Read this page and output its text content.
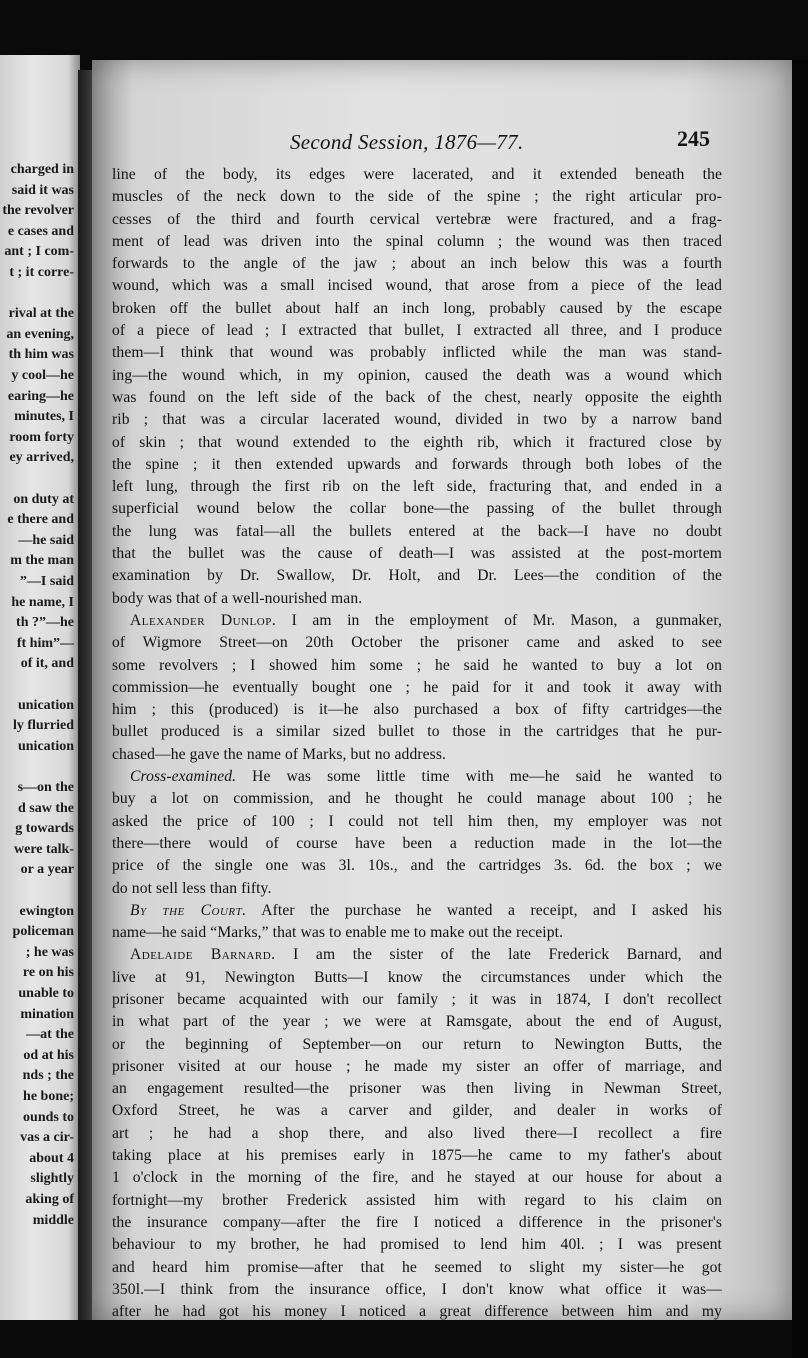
charged in
said it was
the revolver
e cases and
ant ; I com-
t ; it corre-
rival at the
an evening,
th him was
y cool—he
earing—he
minutes, I
room forty
ey arrived,
on duty at
e there and
—he said
m the man
”—I said
he name, I
th ?”—he
ft him”—
of it, and
unication
ly flurried
unication
s—on the
d saw the
g towards
were talk-
or a year
ewington
policeman
; he was
re on his
unable to
mination
—at the
od at his
nds ; the
he bone;
ounds to
vas a cir-
about 4
slightly
aking of
middle
Second Session, 1876—77.	245
line of the body, its edges were lacerated, and it extended beneath the
muscles of the neck down to the side of the spine ; the right articular pro-
cesses of the third and fourth cervical vertebræ were fractured, and a frag-
ment of lead was driven into the spinal column ; the wound was then traced
forwards to the angle of the jaw ; about an inch below this was a fourth
wound, which was a small incised wound, that arose from a piece of the lead
broken off the bullet about half an inch long, probably caused by the escape
of a piece of lead ; I extracted that bullet, I extracted all three, and I produce
them—I think that wound was probably inflicted while the man was stand-
ing—the wound which, in my opinion, caused the death was a wound which
was found on the left side of the back of the chest, nearly opposite the eighth
rib ; that was a circular lacerated wound, divided in two by a narrow band
of skin ; that wound extended to the eighth rib, which it fractured close by
the spine ; it then extended upwards and forwards through both lobes of the
left lung, through the first rib on the left side, fracturing that, and ended in a
superficial wound below the collar bone—the passing of the bullet through
the lung was fatal—all the bullets entered at the back—I have no doubt
that the bullet was the cause of death—I was assisted at the post-mortem
examination by Dr. Swallow, Dr. Holt, and Dr. Lees—the condition of the
body was that of a well-nourished man.
Alexander Dunlop. I am in the employment of Mr. Mason, a gunmaker,
of Wigmore Street—on 20th October the prisoner came and asked to see
some revolvers ; I showed him some ; he said he wanted to buy a lot on
commission—he eventually bought one ; he paid for it and took it away with
him ; this (produced) is it—he also purchased a box of fifty cartridges—the
bullet produced is a similar sized bullet to those in the cartridges that he pur-
chased—he gave the name of Marks, but no address.
Cross-examined. He was some little time with me—he said he wanted to
buy a lot on commission, and he thought he could manage about 100 ; he
asked the price of 100 ; I could not tell him then, my employer was not
there—there would of course have been a reduction made in the lot—the
price of the single one was 3l. 10s., and the cartridges 3s. 6d. the box ; we
do not sell less than fifty.
By the Court. After the purchase he wanted a receipt, and I asked his
name—he said “Marks,” that was to enable me to make out the receipt.
Adelaide Barnard. I am the sister of the late Frederick Barnard, and
live at 91, Newington Butts—I know the circumstances under which the
prisoner became acquainted with our family ; it was in 1874, I don't recollect
in what part of the year ; we were at Ramsgate, about the end of August,
or the beginning of September—on our return to Newington Butts, the
prisoner visited at our house ; he made my sister an offer of marriage, and
an engagement resulted—the prisoner was then living in Newman Street,
Oxford Street, he was a carver and gilder, and dealer in works of
art ; he had a shop there, and also lived there—I recollect a fire
taking place at his premises early in 1875—he came to my father's about
1 o'clock in the morning of the fire, and he stayed at our house for about a
fortnight—my brother Frederick assisted him with regard to his claim on
the insurance company—after the fire I noticed a difference in the prisoner's
behaviour to my brother, he had promised to lend him 40l. ; I was present
and heard him promise—after that he seemed to slight my sister—he got
350l.—I think from the insurance office, I don't know what office it was—
after he had got his money I noticed a great difference between him and my
